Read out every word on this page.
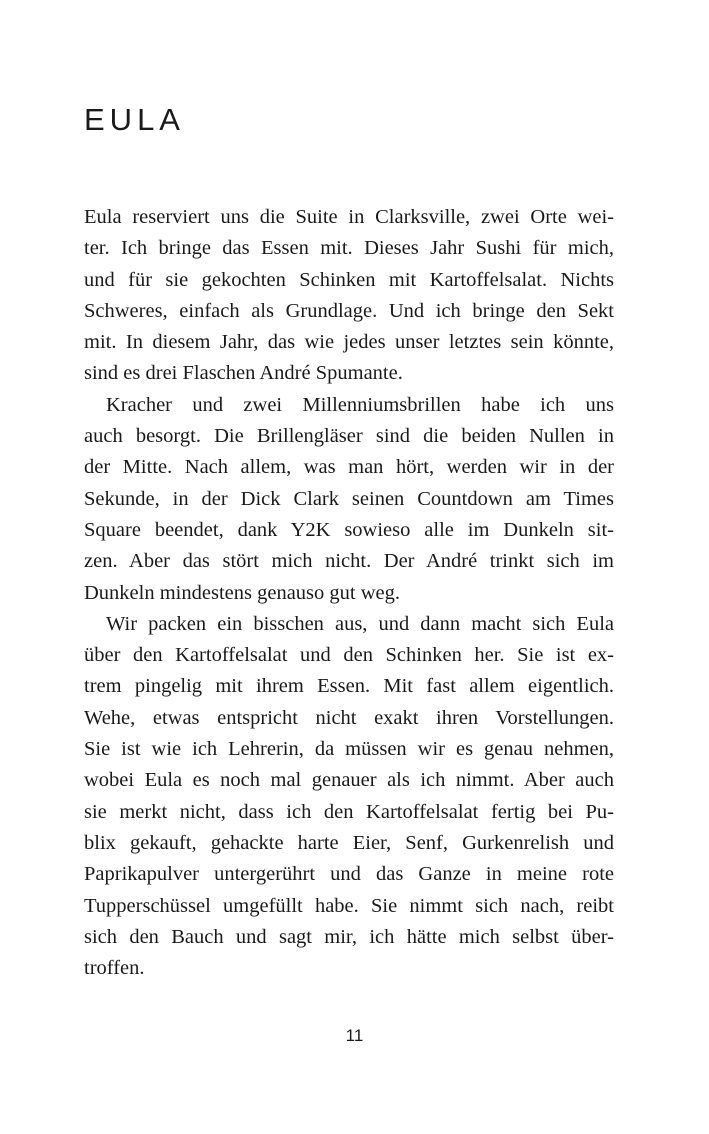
EULA
Eula reserviert uns die Suite in Clarksville, zwei Orte wei-
ter. Ich bringe das Essen mit. Dieses Jahr Sushi für mich,
und für sie gekochten Schinken mit Kartoffelsalat. Nichts
Schweres, einfach als Grundlage. Und ich bringe den Sekt
mit. In diesem Jahr, das wie jedes unser letztes sein könnte,
sind es drei Flaschen André Spumante.
Kracher und zwei Millenniumsbrillen habe ich uns
auch besorgt. Die Brillengläser sind die beiden Nullen in
der Mitte. Nach allem, was man hört, werden wir in der
Sekunde, in der Dick Clark seinen Countdown am Times
Square beendet, dank Y2K sowieso alle im Dunkeln sit-
zen. Aber das stört mich nicht. Der André trinkt sich im
Dunkeln mindestens genauso gut weg.
Wir packen ein bisschen aus, und dann macht sich Eula
über den Kartoffelsalat und den Schinken her. Sie ist ex-
trem pingelig mit ihrem Essen. Mit fast allem eigentlich.
Wehe, etwas entspricht nicht exakt ihren Vorstellungen.
Sie ist wie ich Lehrerin, da müssen wir es genau nehmen,
wobei Eula es noch mal genauer als ich nimmt. Aber auch
sie merkt nicht, dass ich den Kartoffelsalat fertig bei Pu-
blix gekauft, gehackte harte Eier, Senf, Gurkenrelish und
Paprikapulver untergerührt und das Ganze in meine rote
Tupperschüssel umgefüllt habe. Sie nimmt sich nach, reibt
sich den Bauch und sagt mir, ich hätte mich selbst über-
troffen.
11
